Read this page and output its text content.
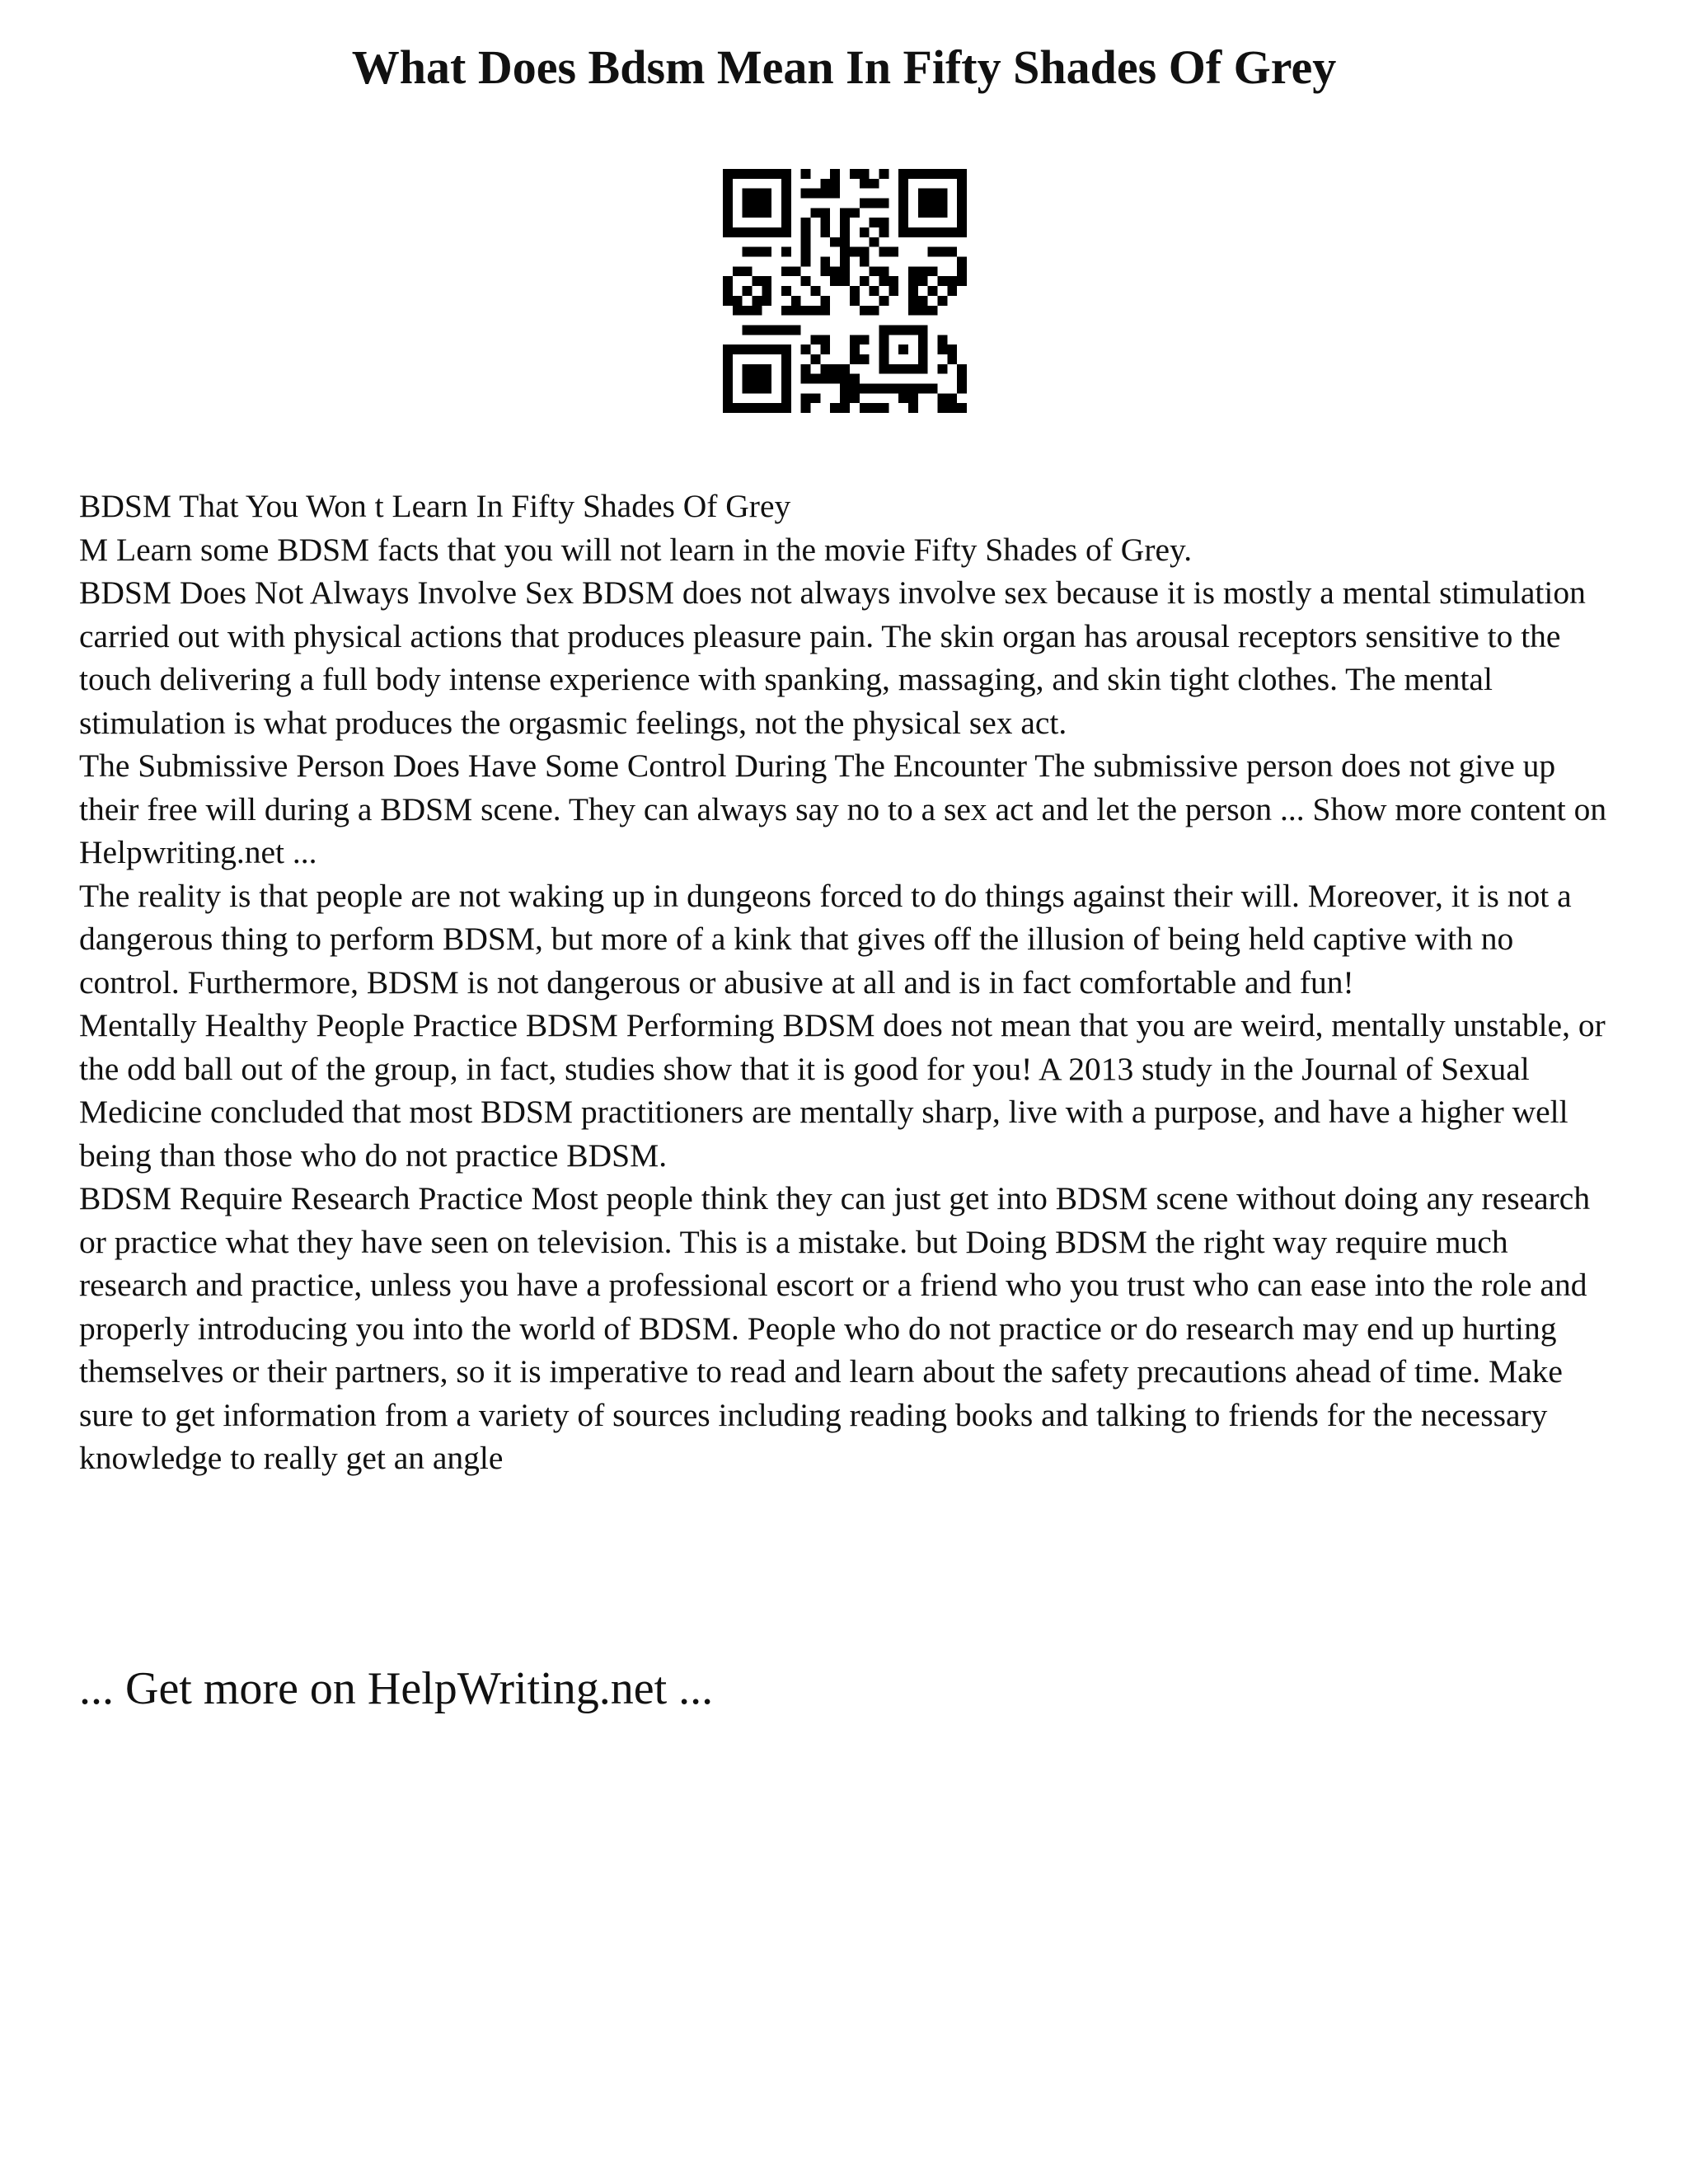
What Does Bdsm Mean In Fifty Shades Of Grey

BDSM That You Won t Learn In Fifty Shades Of Grey

M Learn some BDSM facts that you will not learn in the movie Fifty Shades of Grey.

BDSM Does Not Always Involve Sex BDSM does not always involve sex because it is mostly a mental stimulation carried out with physical actions that produces pleasure pain. The skin organ has arousal receptors sensitive to the touch delivering a full body intense experience with spanking, massaging, and skin tight clothes. The mental stimulation is what produces the orgasmic feelings, not the physical sex act.

The Submissive Person Does Have Some Control During The Encounter The submissive person does not give up their free will during a BDSM scene. They can always say no to a sex act and let the person ... Show more content on Helpwriting.net ...

The reality is that people are not waking up in dungeons forced to do things against their will. Moreover, it is not a dangerous thing to perform BDSM, but more of a kink that gives off the illusion of being held captive with no control. Furthermore, BDSM is not dangerous or abusive at all and is in fact comfortable and fun!

Mentally Healthy People Practice BDSM Performing BDSM does not mean that you are weird, mentally unstable, or the odd ball out of the group, in fact, studies show that it is good for you! A 2013 study in the Journal of Sexual Medicine concluded that most BDSM practitioners are mentally sharp, live with a purpose, and have a higher well being than those who do not practice BDSM.

BDSM Require Research Practice Most people think they can just get into BDSM scene without doing any research or practice what they have seen on television. This is a mistake. but Doing BDSM the right way require much research and practice, unless you have a professional escort or a friend who you trust who can ease into the role and properly introducing you into the world of BDSM. People who do not practice or do research may end up hurting themselves or their partners, so it is imperative to read and learn about the safety precautions ahead of time. Make sure to get information from a variety of sources including reading books and talking to friends for the necessary knowledge to really get an angle

... Get more on HelpWriting.net ...
